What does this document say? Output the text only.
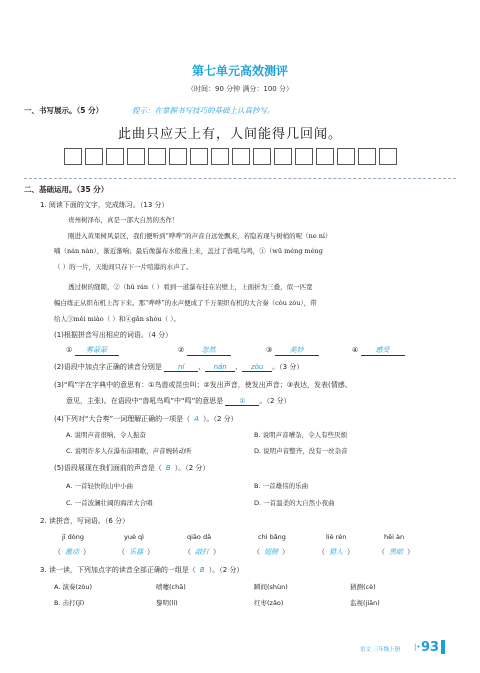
第七单元高效测评
（时间：90 分钟 满分：100 分）
一、书写展示。（5 分）	提示：在掌握书写技巧的基础上认真抄写。
此曲只应天上有，人间能得几回闻。
二、基础运用。（35 分）
1. 阅读下面的文字，完成练习。（13 分）
贵州树泽布，真是一部大自然的杰作！
刚进入黄果树风景区，我们便听到“哗哗”的声音自远处飘来，若隐若现与树梢的呢（ne ní）
喃（nán nàn），渐近渐响；最后像瀑布水般漫上来，盖过了兽吼鸟鸣，①（wū méng méng
（ ）的一片，天地间只存下一片喧嚣的水声了。
透过树的缝隙，②（hǔ rán（ ）看到一道瀑布挂在岩壁上，上面折为三叠，似一匹宽
幅白练正从织布机上泻下来。那“哗哗”的水声便成了千万架织布机的大合奏（còu zòu），带
给人③měi miào（ ）和④gǎn shòu（ ）。
(1)根据拼音写出相应的词语。（4 分）
① 雾蒙蒙	② 忽然	③ 美妙	④ 感受
(2)语段中加点字正确的读音分别是 ní 、 nán 、 zòu 。（3 分）
(3)“鸣”字在字典中的意思有：①鸟兽或昆虫叫；②发出声音，使发出声音；③表达，发表(情感、
意见，主张)。在语段中“兽吼鸟鸣”中“鸣”的意思是 ① 。（2 分）
(4)下列对“大合奏”一词理解正确的一项是（ A ）。（2 分）
A. 说明声音很响，令人振奋	B. 说明声音嘈杂，令人有些厌烦
C. 说明许多人在瀑布前唱歌，声音婉转动听	D. 说明声音整齐，没有一丝杂音
(5)语段展现在我们面前的声音是（ B ）。（2 分）
A. 一首轻快的山中小曲	B. 一首雄伟的乐曲
C. 一首波澜壮阔的海洋大合唱	D. 一首温柔的大自然小夜曲
2. 读拼音，写词语。（6 分）
jī dòng	yuè qì	qiāo dǎ	chì bǎng	liè rén	hēi àn
（ 激动 ）	（ 乐器 ）	（ 敲打 ）	（ 翅膀 ）	（ 猎人 ）	（ 黑暗 ）
3. 读一读，下列加点字的读音全部正确的一组是（ B ）。（2 分）
A. 演奏(zòu)	喷嚏(chā)	瞬间(shùn)	猜测(cè)
B. 击打(jī)	黎明(lí)	红枣(zǎo)	监视(jiān)
语文 三年级上册 |• 93
